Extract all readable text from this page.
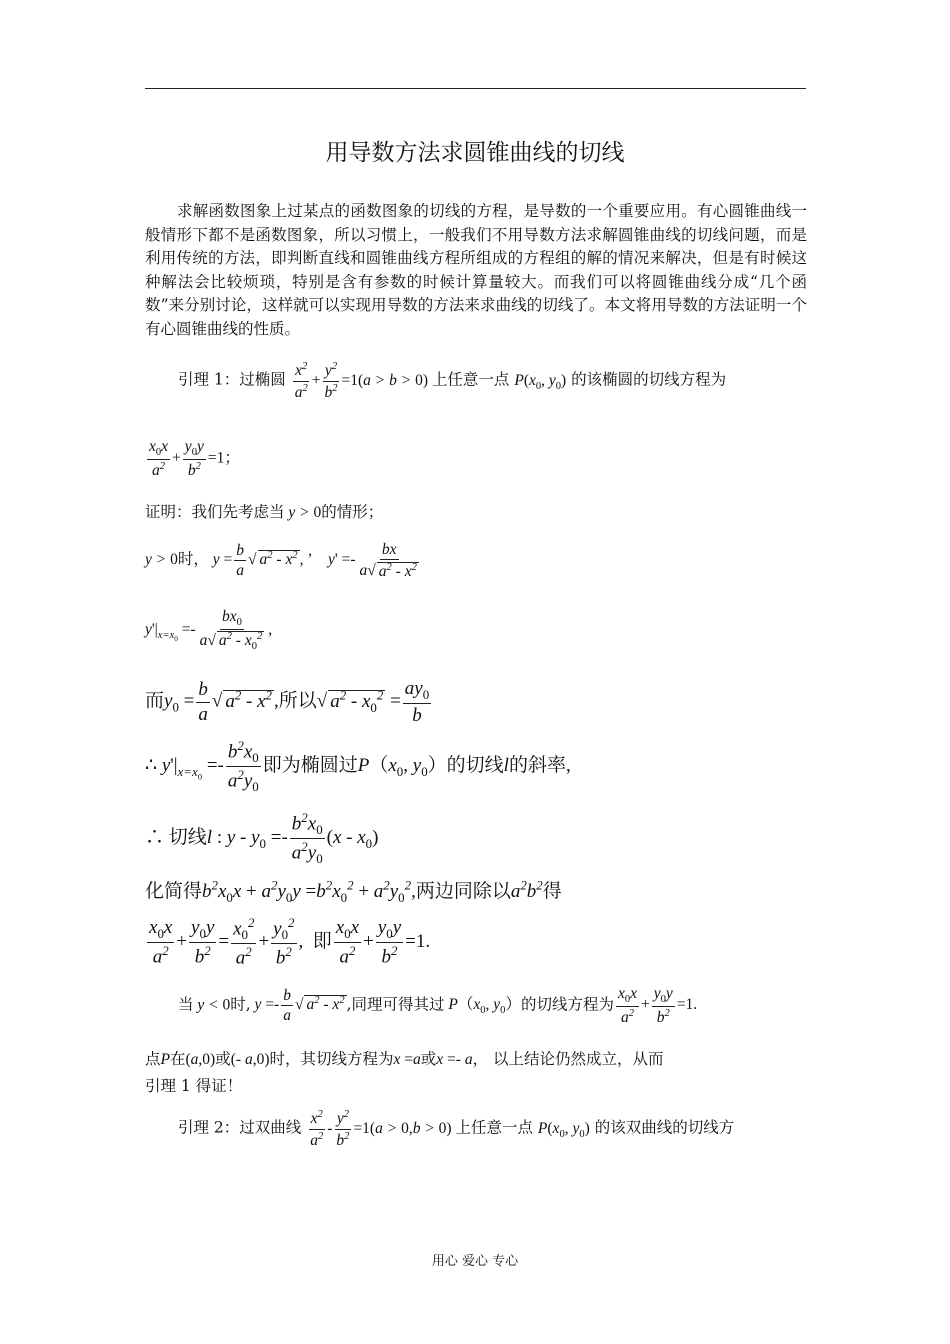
用导数方法求圆锥曲线的切线
求解函数图象上过某点的函数图象的切线的方程，是导数的一个重要应用。有心圆锥曲线一般情形下都不是函数图象，所以习惯上，一般我们不用导数方法求解圆锥曲线的切线问题，而是利用传统的方法，即判断直线和圆锥曲线方程所组成的方程组的解的情况来解决，但是有时候这种解法会比较烦琐，特别是含有参数的时候计算量较大。而我们可以将圆锥曲线分成“几个函数”来分别讨论，这样就可以实现用导数的方法来求曲线的切线了。本文将用导数的方法证明一个有心圆锥曲线的性质。
引理 1：过椭圆 $\frac{x^2}{a^2} + \frac{y^2}{b^2} =1(a > b > 0)$ 上任意一点 $P(x_0$, $y_0$) 的该椭圆的切线方程为
$\frac{x_0x}{a^2} + \frac{y_0y}{b^2} =1$；
证明：我们先考虑当 y > 0的情形；
y > 0时， $y = \frac{b}{a}$ √ $a^2 - x^2$ , ’    $y' =- \frac{bx}{a√ a^2 - x^2}$
$y'|_{x=x_0} =- \frac{bx_0}{a√ a^2 - x_0^2}$ ,
而$y_0 = \frac{b}{a}$ √ $a^2 - x^2$ ,所以√ $a^2 - x_0^2 = \frac{ay_0}{b}$
∴ $y'|_{x=x_0} =- \frac{b^2x_0}{a^2y_0}$ 即为椭圆过$P(x_0$, $y_0$）的切线l的斜率,
∴ 切线l : $y - y_0 =- \frac{b^2x_0}{a^2y_0} (x - x_0)$
化简得$b^2x_0x + a^2y_0y =b^2x_0^2 + a^2y_0^2$,两边同除以$a^2b^2$得
$\frac{x_0x}{a^2} + \frac{y_0y}{b^2} = \frac{x_0^2}{a^2} + \frac{y_0^2}{b^2}$ ,  即 $\frac{x_0x}{a^2} + \frac{y_0y}{b^2} =1$.
当 y < 0时, $y =- \frac{b}{a}$ √ $a^2 - x^2$ ,同理可得其过 $P(x_0$, $y_0$）的切线方程为 $\frac{x_0x}{a^2} + \frac{y_0y}{b^2} =1$.
点P在(a,0)或(- a,0)时，其切线方程为x =a或x =- a， 以上结论仍然成立，从而
引理 1 得证！
引理 2：过双曲线 $\frac{x^2}{a^2} - \frac{y^2}{b^2} =1(a > 0,b > 0)$ 上任意一点 $P(x_0$, $y_0$) 的该双曲线的切线方
用心 爱心 专心
